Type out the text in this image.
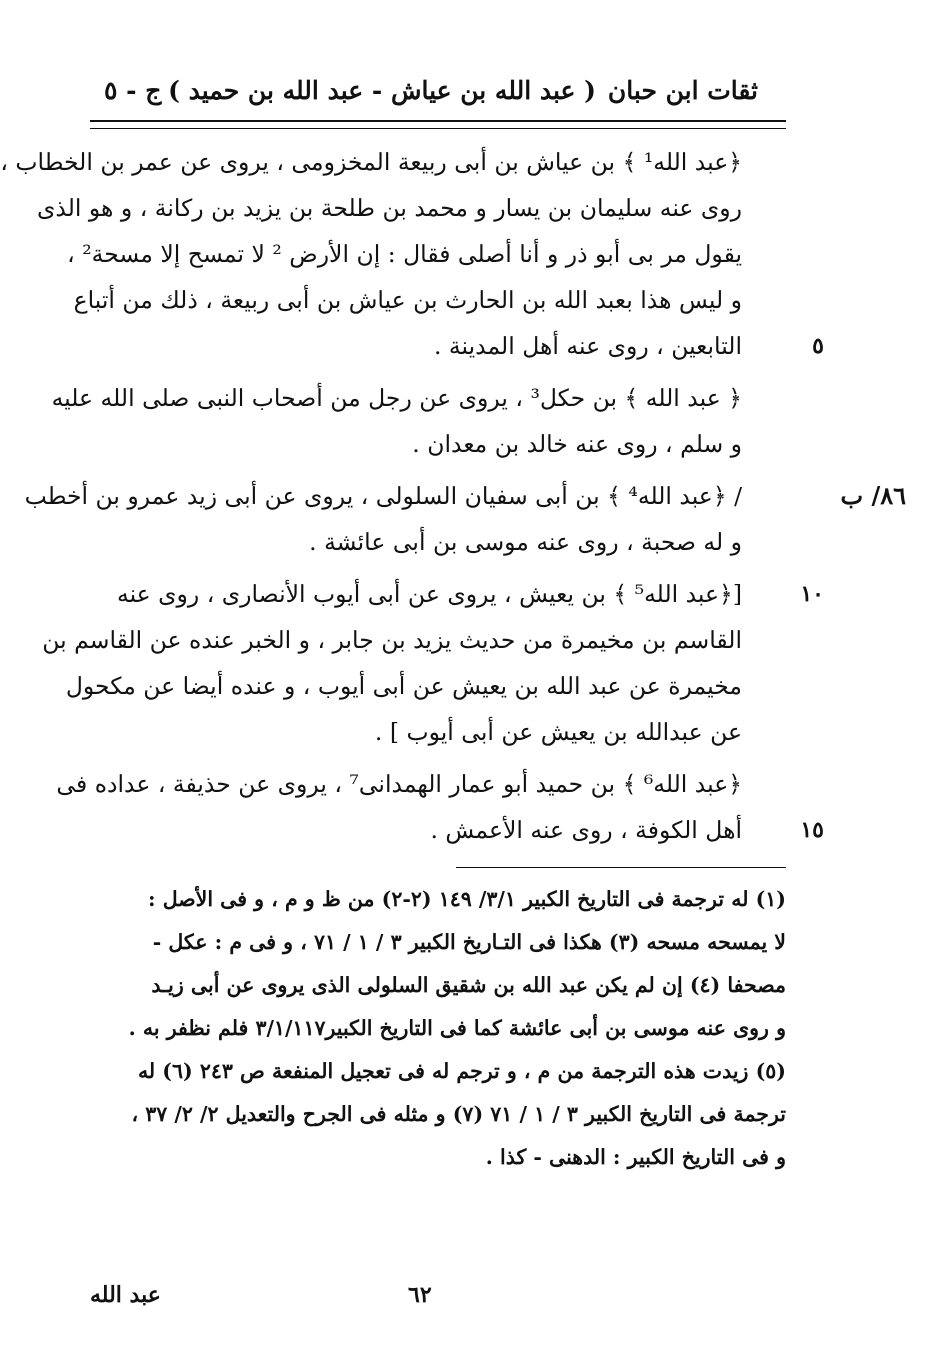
ثقات ابن حبان
( عبد الله بن عياش - عبد الله بن حميد )
ج - ٥
﴿عبد الله¹ ﴾ بن عياش بن أبى ربيعة المخزومى ، يروى عن عمر بن الخطاب ،
روى عنه سليمان بن يسار و محمد بن طلحة بن يزيد بن ركانة ، و هو الذى
يقول مر بى أبو ذر و أنا أصلى فقال : إن الأرض ² لا تمسح إلا مسحة² ،
و ليس هذا بعبد الله بن الحارث بن عياش بن أبى ربيعة ، ذلك من أتباع
٥
التابعين ، روى عنه أهل المدينة .
﴿ عبد الله ﴾ بن حكل³ ، يروى عن رجل من أصحاب النبى صلى الله عليه
و سلم ، روى عنه خالد بن معدان .
٨٦/ ب
/ ﴿عبد الله⁴ ﴾ بن أبى سفيان السلولى ، يروى عن أبى زيد عمرو بن أخطب
و له صحبة ، روى عنه موسى بن أبى عائشة .
١٠
[﴿عبد الله⁵ ﴾ بن يعيش ، يروى عن أبى أيوب الأنصارى ، روى عنه
القاسم بن مخيمرة من حديث يزيد بن جابر ، و الخبر عنده عن القاسم بن
مخيمرة عن عبد الله بن يعيش عن أبى أيوب ، و عنده أيضا عن مكحول
عن عبدالله بن يعيش عن أبى أيوب ] .
﴿عبد الله⁶ ﴾ بن حميد أبو عمار الهمدانى⁷ ، يروى عن حذيفة ، عداده فى
١٥
أهل الكوفة ، روى عنه الأعمش .
(١) له ترجمة فى التاريخ الكبير ٣/١/ ١٤٩ (٢-٢) من ظ و م ، و فى الأصل :
لا يمسحه مسحه (٣) هكذا فى التـاريخ الكبير ٣ / ١ / ٧١ ، و فى م : عكل -
مصحفا (٤) إن لم يكن عبد الله بن شقيق السلولى الذى يروى عن أبى زيـد
و روى عنه موسى بن أبى عائشة كما فى التاريخ الكبير٣/١/١١٧ فلم نظفر به .
(٥) زيدت هذه الترجمة من م ، و ترجم له فى تعجيل المنفعة ص ٢٤٣ (٦) له
ترجمة فى التاريخ الكبير ٣ / ١ / ٧١ (٧) و مثله فى الجرح والتعديل ٢/ ٢/ ٣٧ ،
و فى التاريخ الكبير : الدهنى - كذا .
٦٢
عبد الله
